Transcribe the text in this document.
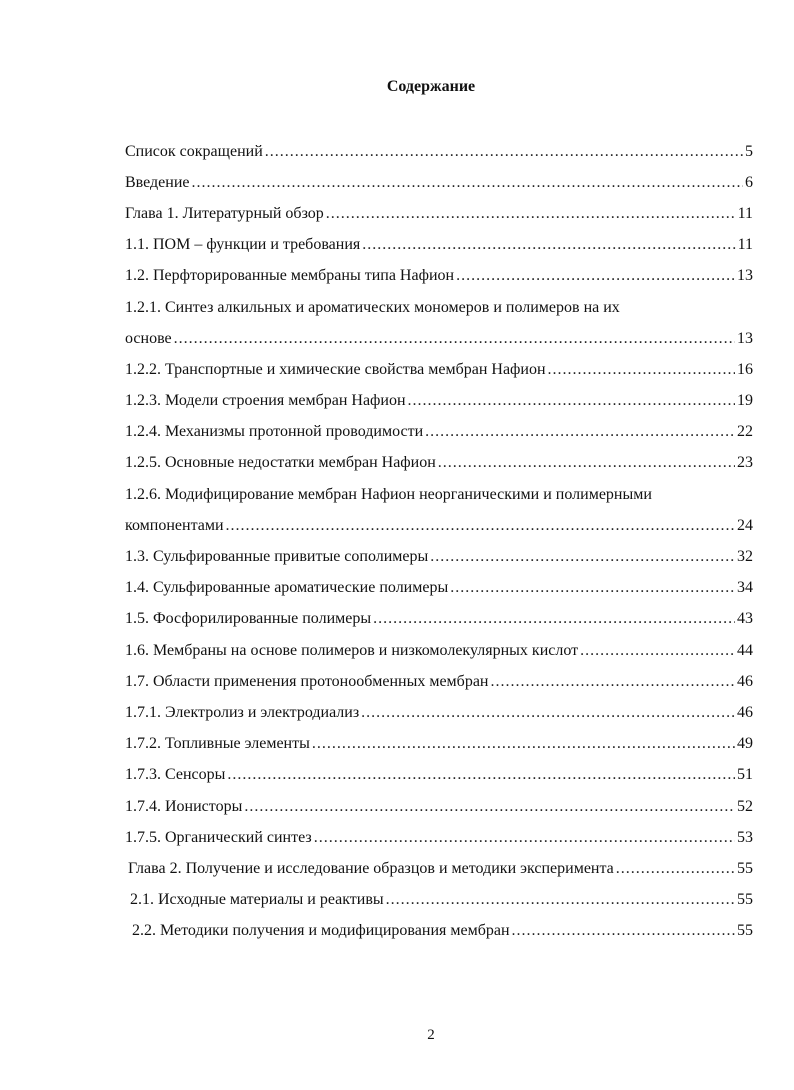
Содержание
Список сокращений .....	5
Введение .....	6
Глава 1. Литературный обзор .....	11
1.1. ПОМ – функции и требования .....	11
1.2. Перфторированные мембраны типа Нафион .....	13
1.2.1. Синтез алкильных и ароматических мономеров и полимеров на их
основе .....	13
1.2.2. Транспортные и химические свойства мембран Нафион .....	16
1.2.3. Модели строения мембран Нафион .....	19
1.2.4. Механизмы протонной проводимости .....	22
1.2.5. Основные недостатки мембран Нафион .....	23
1.2.6. Модифицирование мембран Нафион неорганическими и полимерными
компонентами .....	24
1.3. Сульфированные привитые сополимеры .....	32
1.4. Сульфированные ароматические полимеры .....	34
1.5. Фосфорилированные полимеры .....	43
1.6. Мембраны на основе полимеров и низкомолекулярных кислот .....	44
1.7. Области применения протонообменных мембран .....	46
1.7.1. Электролиз и электродиализ .....	46
1.7.2. Топливные элементы .....	49
1.7.3. Сенсоры .....	51
1.7.4. Ионисторы .....	52
1.7.5. Органический синтез .....	53
Глава 2. Получение и исследование образцов и методики эксперимента .....	55
2.1. Исходные материалы и реактивы .....	55
2.2. Методики получения и модифицирования мембран .....	55
2
